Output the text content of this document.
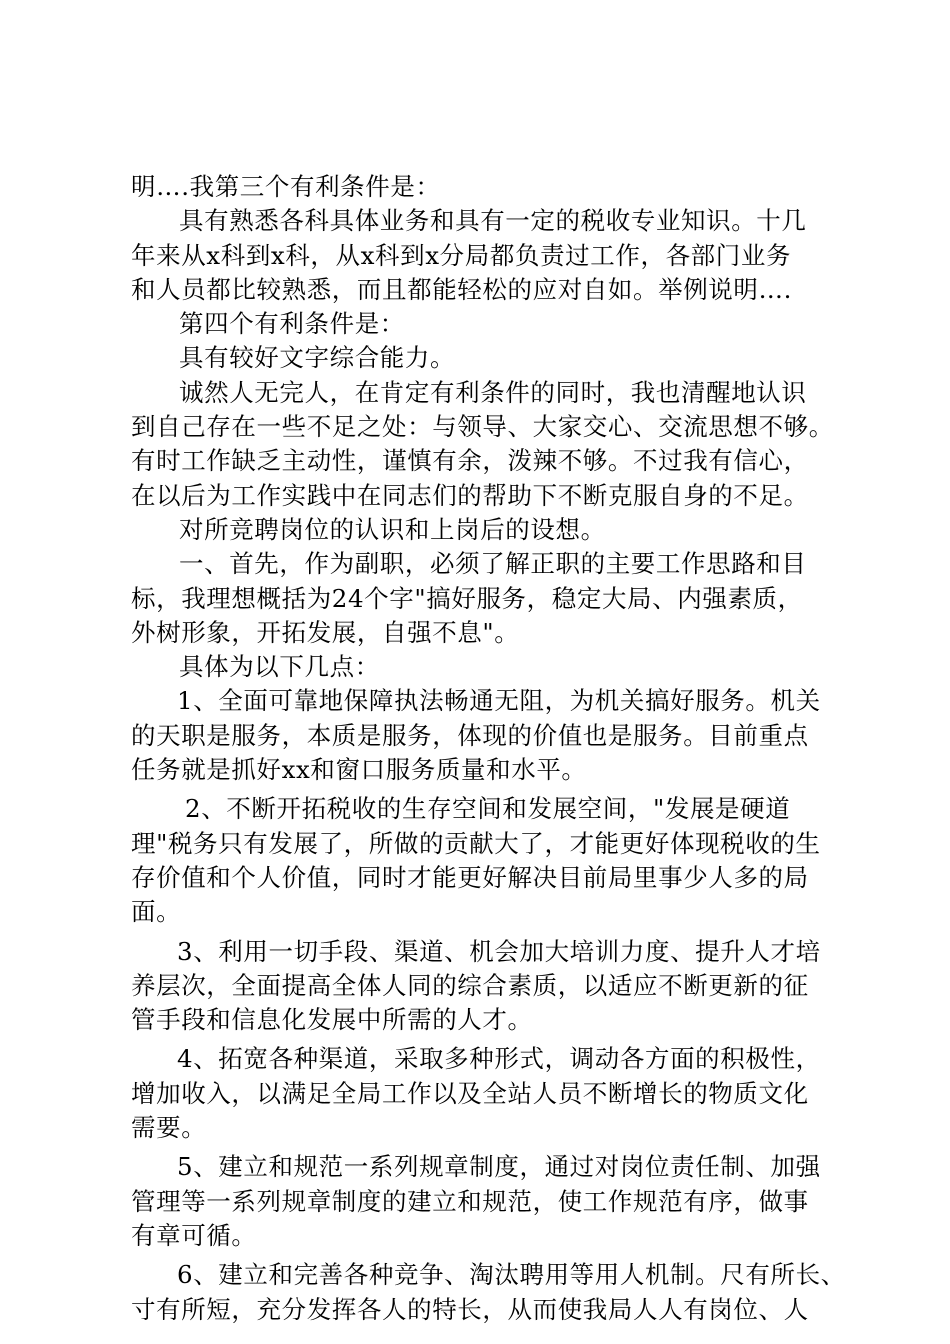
明….我第三个有利条件是：
具有熟悉各科具体业务和具有一定的税收专业知识。十几
年来从x科到x科，从x科到x分局都负责过工作，各部门业务
和人员都比较熟悉，而且都能轻松的应对自如。举例说明….
第四个有利条件是：
具有较好文字综合能力。
诚然人无完人，在肯定有利条件的同时，我也清醒地认识
到自己存在一些不足之处：与领导、大家交心、交流思想不够。
有时工作缺乏主动性，谨慎有余，泼辣不够。不过我有信心，
在以后为工作实践中在同志们的帮助下不断克服自身的不足。
对所竞聘岗位的认识和上岗后的设想。
一、首先，作为副职，必须了解正职的主要工作思路和目
标，我理想概括为24个字"搞好服务，稳定大局、内强素质，
外树形象，开拓发展，自强不息"。
具体为以下几点：
1、全面可靠地保障执法畅通无阻，为机关搞好服务。机关
的天职是服务，本质是服务，体现的价值也是服务。目前重点
任务就是抓好xx和窗口服务质量和水平。
2、不断开拓税收的生存空间和发展空间，"发展是硬道
理"税务只有发展了，所做的贡献大了，才能更好体现税收的生
存价值和个人价值，同时才能更好解决目前局里事少人多的局
面。
3、利用一切手段、渠道、机会加大培训力度、提升人才培
养层次，全面提高全体人同的综合素质，以适应不断更新的征
管手段和信息化发展中所需的人才。
4、拓宽各种渠道，采取多种形式，调动各方面的积极性，
增加收入，以满足全局工作以及全站人员不断增长的物质文化
需要。
5、建立和规范一系列规章制度，通过对岗位责任制、加强
管理等一系列规章制度的建立和规范，使工作规范有序，做事
有章可循。
6、建立和完善各种竞争、淘汰聘用等用人机制。尺有所长、
寸有所短，充分发挥各人的特长，从而使我局人人有岗位、人
